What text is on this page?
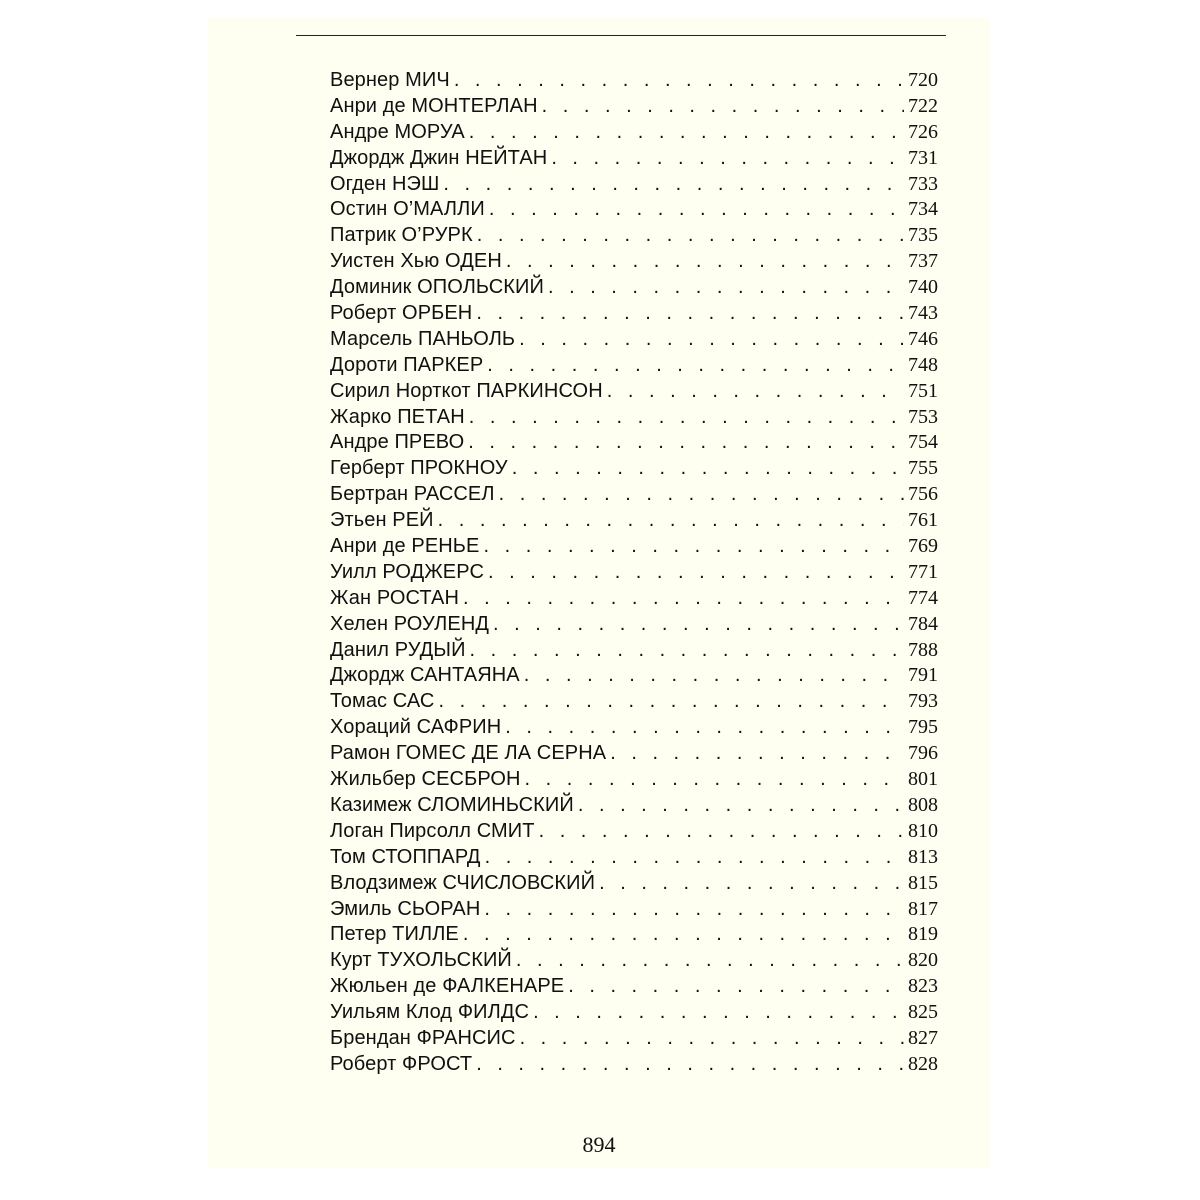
Вернер МИЧ . . .	720
Анри де МОНТЕРЛАН . . .	722
Андре МОРУА . . .	726
Джордж Джин НЕЙТАН . . .	731
Огден НЭШ . . .	733
Остин О’МАЛЛИ . . .	734
Патрик О’РУРК . . .	735
Уистен Хью ОДЕН . . .	737
Доминик ОПОЛЬСКИЙ . . .	740
Роберт ОРБЕН . . .	743
Марсель ПАНЬОЛЬ . . .	746
Дороти ПАРКЕР . . .	748
Сирил Норткот ПАРКИНСОН . . .	751
Жарко ПЕТАН . . .	753
Андре ПРЕВО . . .	754
Герберт ПРОКНОУ . . .	755
Бертран РАССЕЛ . . .	756
Этьен РЕЙ . . .	761
Анри де РЕНЬЕ . . .	769
Уилл РОДЖЕРС . . .	771
Жан РОСТАН . . .	774
Хелен РОУЛЕНД . . .	784
Данил РУДЫЙ . . .	788
Джордж САНТАЯНА . . .	791
Томас САС . . .	793
Хораций САФРИН . . .	795
Рамон ГОМЕС ДЕ ЛА СЕРНА . . .	796
Жильбер СЕСБРОН . . .	801
Казимеж СЛОМИНЬСКИЙ . . .	808
Логан Пирсолл СМИТ . . .	810
Том СТОППАРД . . .	813
Влодзимеж СЧИСЛОВСКИЙ . . .	815
Эмиль СЬОРАН . . .	817
Петер ТИЛЛЕ . . .	819
Курт ТУХОЛЬСКИЙ . . .	820
Жюльен де ФАЛКЕНАРЕ . . .	823
Уильям Клод ФИЛДС . . .	825
Брендан ФРАНСИС . . .	827
Роберт ФРОСТ . . .	828
894
